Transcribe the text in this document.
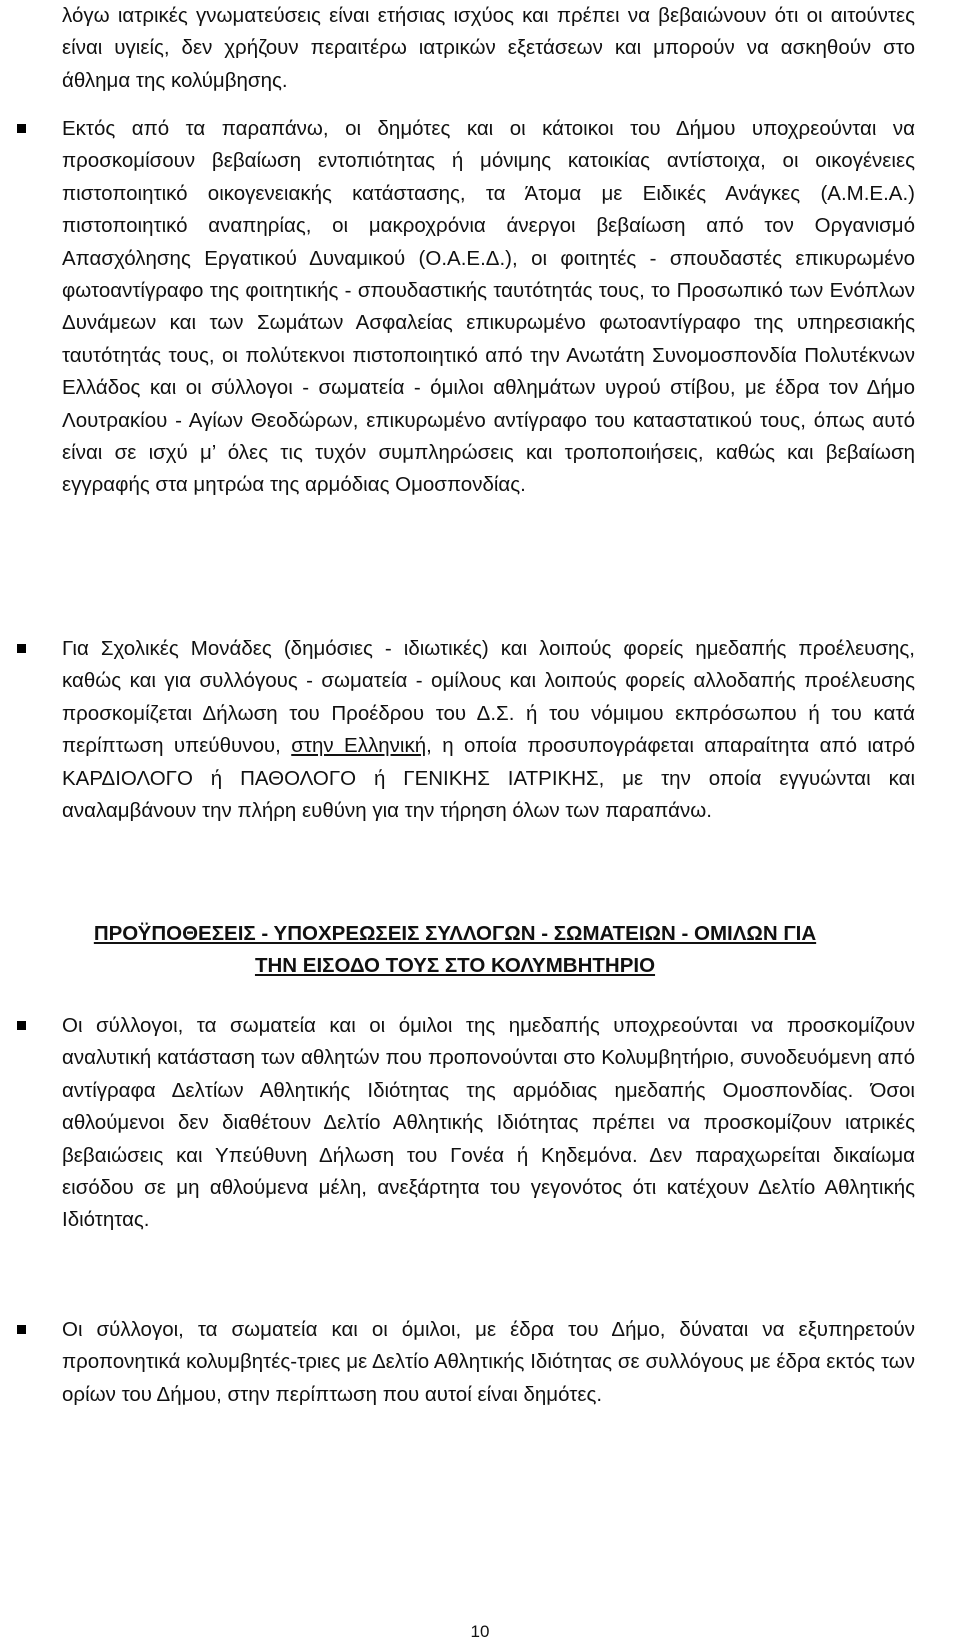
λόγω ιατρικές γνωματεύσεις είναι ετήσιας ισχύος και πρέπει να βεβαιώνουν ότι οι αιτούντες είναι υγιείς, δεν χρήζουν περαιτέρω ιατρικών εξετάσεων και μπορούν να ασκηθούν στο άθλημα της κολύμβησης.
Εκτός από τα παραπάνω, οι δημότες και οι κάτοικοι του Δήμου υποχρεούνται να προσκομίσουν βεβαίωση εντοπιότητας ή μόνιμης κατοικίας αντίστοιχα, οι οικογένειες πιστοποιητικό οικογενειακής κατάστασης, τα Άτομα με Ειδικές Ανάγκες (Α.Μ.Ε.Α.) πιστοποιητικό αναπηρίας, οι μακροχρόνια άνεργοι βεβαίωση από τον Οργανισμό Απασχόλησης Εργατικού Δυναμικού (Ο.Α.Ε.Δ.), οι φοιτητές - σπουδαστές επικυρωμένο φωτοαντίγραφο της φοιτητικής - σπουδαστικής ταυτότητάς τους, το Προσωπικό των Ενόπλων Δυνάμεων και των Σωμάτων Ασφαλείας επικυρωμένο φωτοαντίγραφο της υπηρεσιακής ταυτότητάς τους, οι πολύτεκνοι πιστοποιητικό από την Ανωτάτη Συνομοσπονδία Πολυτέκνων Ελλάδος και οι σύλλογοι - σωματεία - όμιλοι αθλημάτων υγρού στίβου, με έδρα τον Δήμο Λουτρακίου - Αγίων Θεοδώρων, επικυρωμένο αντίγραφο του καταστατικού τους, όπως αυτό είναι σε ισχύ μ’ όλες τις τυχόν συμπληρώσεις και τροποποιήσεις, καθώς και βεβαίωση εγγραφής στα μητρώα της αρμόδιας Ομοσπονδίας.
Για Σχολικές Μονάδες (δημόσιες - ιδιωτικές) και λοιπούς φορείς ημεδαπής προέλευσης, καθώς και για συλλόγους - σωματεία - ομίλους και λοιπούς φορείς αλλοδαπής προέλευσης προσκομίζεται Δήλωση του Προέδρου του Δ.Σ. ή του νόμιμου εκπρόσωπου ή του κατά περίπτωση υπεύθυνου, στην Ελληνική, η οποία προσυπογράφεται απαραίτητα από ιατρό ΚΑΡΔΙΟΛΟΓΟ ή ΠΑΘΟΛΟΓΟ ή ΓΕΝΙΚΗΣ ΙΑΤΡΙΚΗΣ, με την οποία εγγυώνται και αναλαμβάνουν την πλήρη ευθύνη για την τήρηση όλων των παραπάνω.
ΠΡΟΫΠΟΘΕΣΕΙΣ - ΥΠΟΧΡΕΩΣΕΙΣ ΣΥΛΛΟΓΩΝ - ΣΩΜΑΤΕΙΩΝ - ΟΜΙΛΩΝ ΓΙΑ
ΤΗΝ ΕΙΣΟΔΟ ΤΟΥΣ ΣΤΟ ΚΟΛΥΜΒΗΤΗΡΙΟ
Οι σύλλογοι, τα σωματεία και οι όμιλοι της ημεδαπής υποχρεούνται να προσκομίζουν αναλυτική κατάσταση των αθλητών που προπονούνται στο Κολυμβητήριο, συνοδευόμενη από αντίγραφα Δελτίων Αθλητικής Ιδιότητας της αρμόδιας ημεδαπής Ομοσπονδίας. Όσοι αθλούμενοι δεν διαθέτουν Δελτίο Αθλητικής Ιδιότητας πρέπει να προσκομίζουν ιατρικές βεβαιώσεις και Υπεύθυνη Δήλωση του Γονέα ή Κηδεμόνα. Δεν παραχωρείται δικαίωμα εισόδου σε μη αθλούμενα μέλη, ανεξάρτητα του γεγονότος ότι κατέχουν Δελτίο Αθλητικής Ιδιότητας.
Οι σύλλογοι, τα σωματεία και οι όμιλοι, με έδρα του Δήμο, δύναται να εξυπηρετούν προπονητικά κολυμβητές-τριες με Δελτίο Αθλητικής Ιδιότητας σε συλλόγους με έδρα εκτός των ορίων του Δήμου, στην περίπτωση που αυτοί είναι δημότες.
10
